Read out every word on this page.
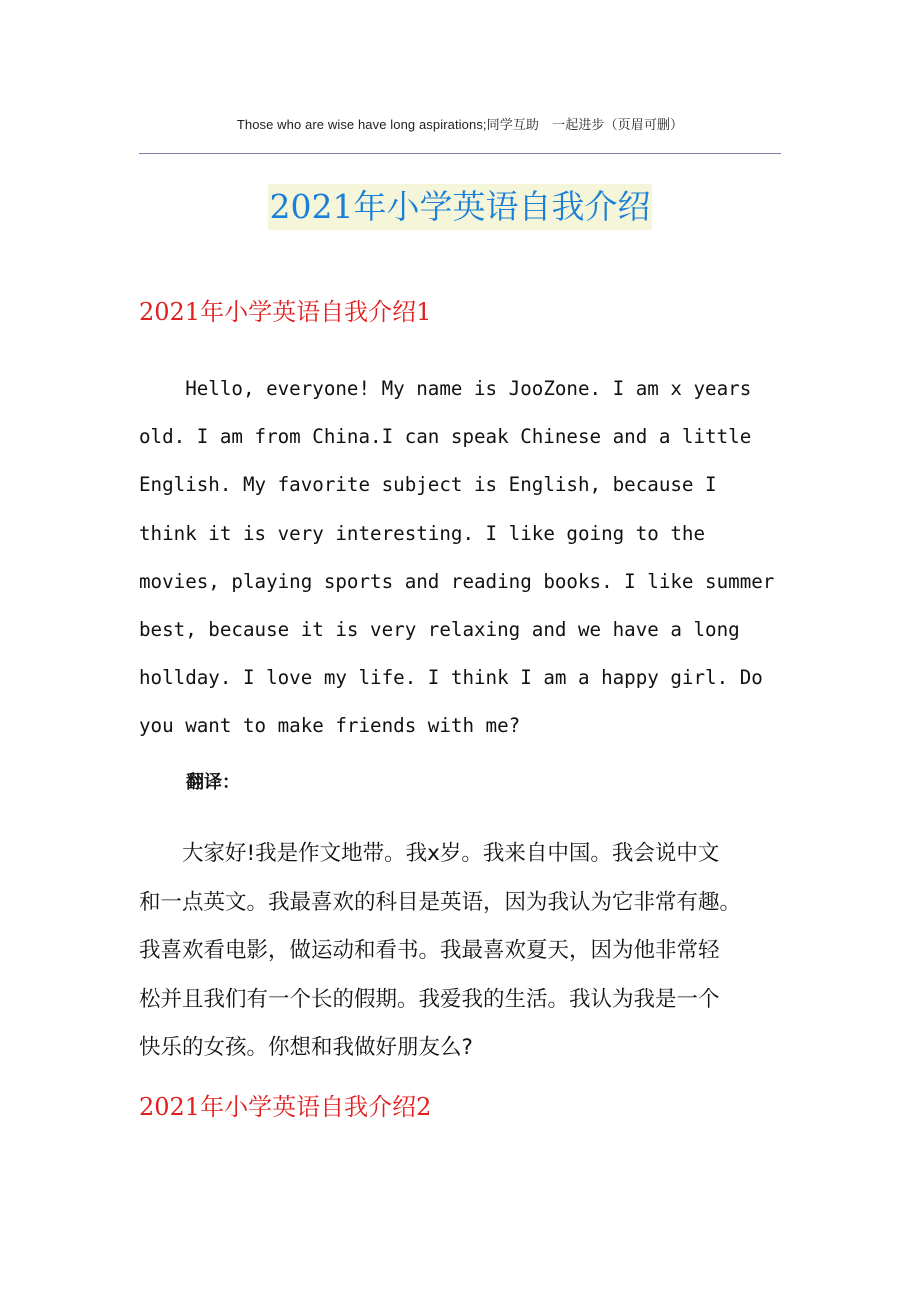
Those who are wise have long aspirations;同学互助　一起进步（页眉可删）
2021年小学英语自我介绍
2021年小学英语自我介绍1
Hello, everyone! My name is JooZone. I am x years
old. I am from China.I can speak Chinese and a little
English. My favorite subject is English, because I
think it is very interesting. I like going to the
movies, playing sports and reading books. I like summer
best, because it is very relaxing and we have a long
hollday. I love my life. I think I am a happy girl. Do
you want to make friends with me?
翻译：
　　大家好!我是作文地带。我x岁。我来自中国。我会说中文
和一点英文。我最喜欢的科目是英语，因为我认为它非常有趣。
我喜欢看电影，做运动和看书。我最喜欢夏天，因为他非常轻
松并且我们有一个长的假期。我爱我的生活。我认为我是一个
快乐的女孩。你想和我做好朋友么?
2021年小学英语自我介绍2
